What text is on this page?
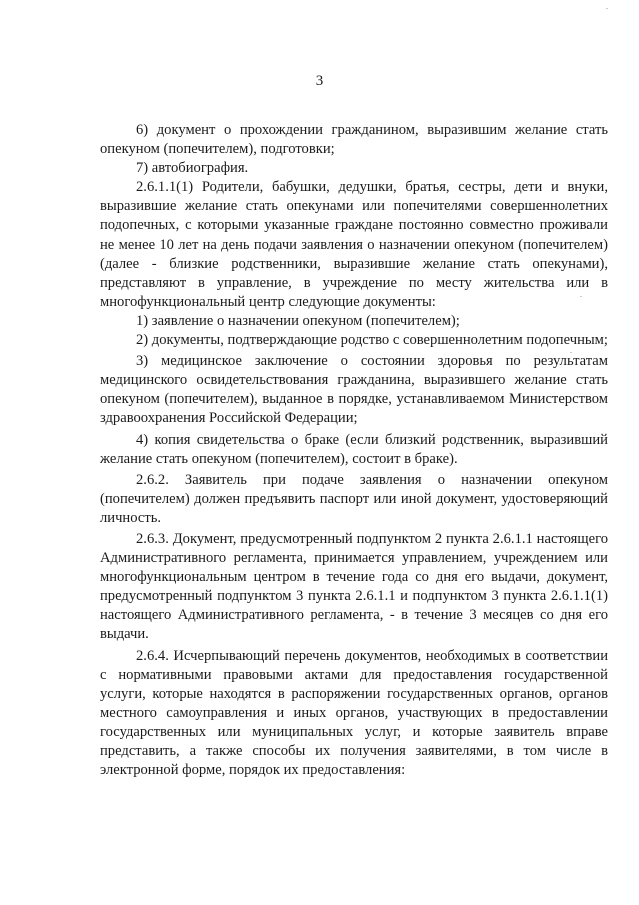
3

6) документ о прохождении гражданином, выразившим желание стать опекуном (попечителем), подготовки;

7) автобиография.

2.6.1.1(1) Родители, бабушки, дедушки, братья, сестры, дети и внуки, выразившие желание стать опекунами или попечителями совершеннолетних подопечных, с которыми указанные граждане постоянно совместно проживали не менее 10 лет на день подачи заявления о назначении опекуном (попечителем) (далее - близкие родственники, выразившие желание стать опекунами), представляют в управление, в учреждение по месту жительства или в многофункциональный центр следующие документы:

1) заявление о назначении опекуном (попечителем);

2) документы, подтверждающие родство с совершеннолетним подопечным;

3) медицинское заключение о состоянии здоровья по результатам медицинского освидетельствования гражданина, выразившего желание стать опекуном (попечителем), выданное в порядке, устанавливаемом Министерством здравоохранения Российской Федерации;

4) копия свидетельства о браке (если близкий родственник, выразивший желание стать опекуном (попечителем), состоит в браке).

2.6.2. Заявитель при подаче заявления о назначении опекуном (попечителем) должен предъявить паспорт или иной документ, удостоверяющий личность.

2.6.3. Документ, предусмотренный подпунктом 2 пункта 2.6.1.1 настоящего Административного регламента, принимается управлением, учреждением или многофункциональным центром в течение года со дня его выдачи, документ, предусмотренный подпунктом 3 пункта 2.6.1.1 и подпунктом 3 пункта 2.6.1.1(1) настоящего Административного регламента, - в течение 3 месяцев со дня его выдачи.

2.6.4. Исчерпывающий перечень документов, необходимых в соответствии с нормативными правовыми актами для предоставления государственной услуги, которые находятся в распоряжении государственных органов, органов местного самоуправления и иных органов, участвующих в предоставлении государственных или муниципальных услуг, и которые заявитель вправе представить, а также способы их получения заявителями, в том числе в электронной форме, порядок их предоставления:
